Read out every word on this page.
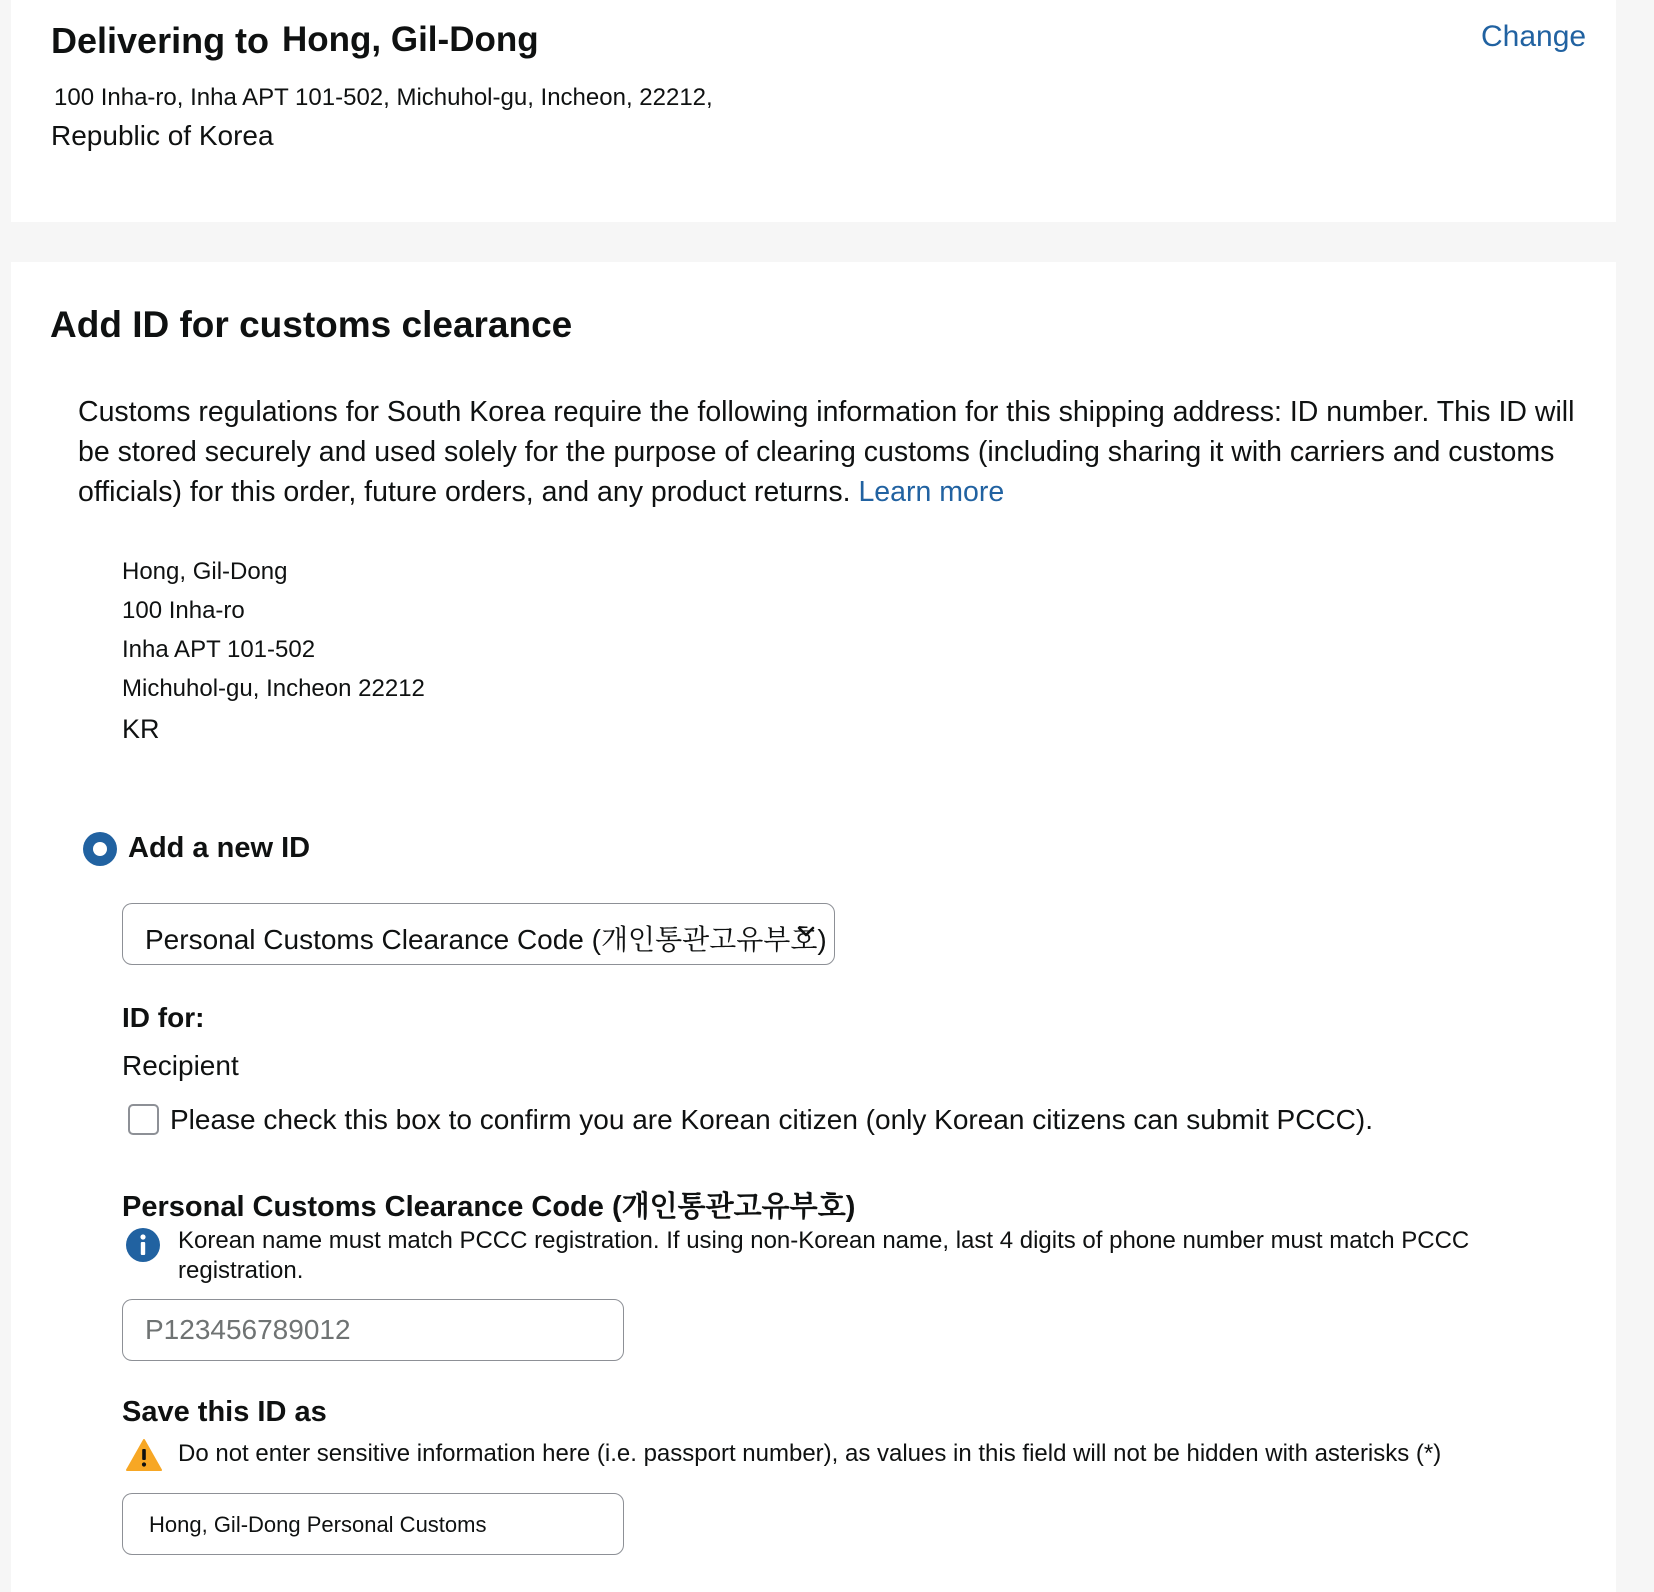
Delivering to Hong, Gil-Dong	Change
100 Inha-ro, Inha APT 101-502, Michuhol-gu, Incheon, 22212,
Republic of Korea
Add ID for customs clearance
Customs regulations for South Korea require the following information for this shipping address: ID number. This ID will be stored securely and used solely for the purpose of clearing customs (including sharing it with carriers and customs officials) for this order, future orders, and any product returns. Learn more
Hong, Gil-Dong
100 Inha-ro
Inha APT 101-502
Michuhol-gu, Incheon 22212
KR
Add a new ID
Personal Customs Clearance Code (개인통관고유부호)
ID for:
Recipient
Please check this box to confirm you are Korean citizen (only Korean citizens can submit PCCC).
Personal Customs Clearance Code (개인통관고유부호)
Korean name must match PCCC registration. If using non-Korean name, last 4 digits of phone number must match PCCC registration.
P123456789012
Save this ID as
Do not enter sensitive information here (i.e. passport number), as values in this field will not be hidden with asterisks (*)
Hong, Gil-Dong Personal Customs
